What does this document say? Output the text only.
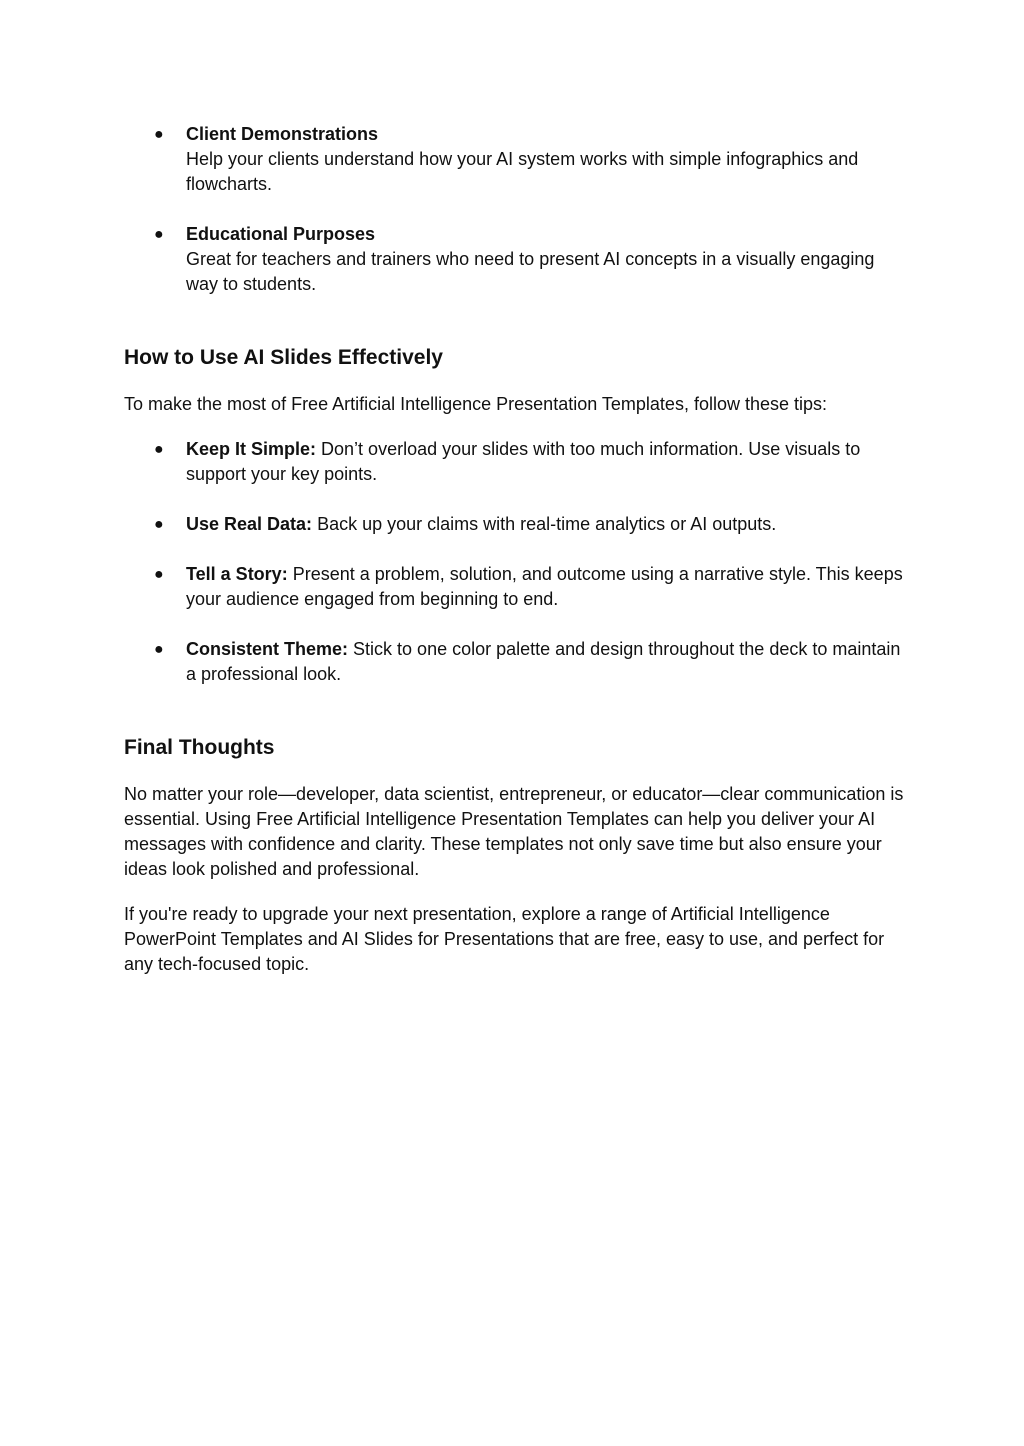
● Client Demonstrations
Help your clients understand how your AI system works with simple infographics and flowcharts.
● Educational Purposes
Great for teachers and trainers who need to present AI concepts in a visually engaging way to students.
How to Use AI Slides Effectively

To make the most of Free Artificial Intelligence Presentation Templates, follow these tips:

● Keep It Simple: Don’t overload your slides with too much information. Use visuals to support your key points.
● Use Real Data: Back up your claims with real-time analytics or AI outputs.
● Tell a Story: Present a problem, solution, and outcome using a narrative style. This keeps your audience engaged from beginning to end.
● Consistent Theme: Stick to one color palette and design throughout the deck to maintain a professional look.
Final Thoughts

No matter your role—developer, data scientist, entrepreneur, or educator—clear communication is essential. Using Free Artificial Intelligence Presentation Templates can help you deliver your AI messages with confidence and clarity. These templates not only save time but also ensure your ideas look polished and professional.

If you're ready to upgrade your next presentation, explore a range of Artificial Intelligence PowerPoint Templates and AI Slides for Presentations that are free, easy to use, and perfect for any tech-focused topic.
